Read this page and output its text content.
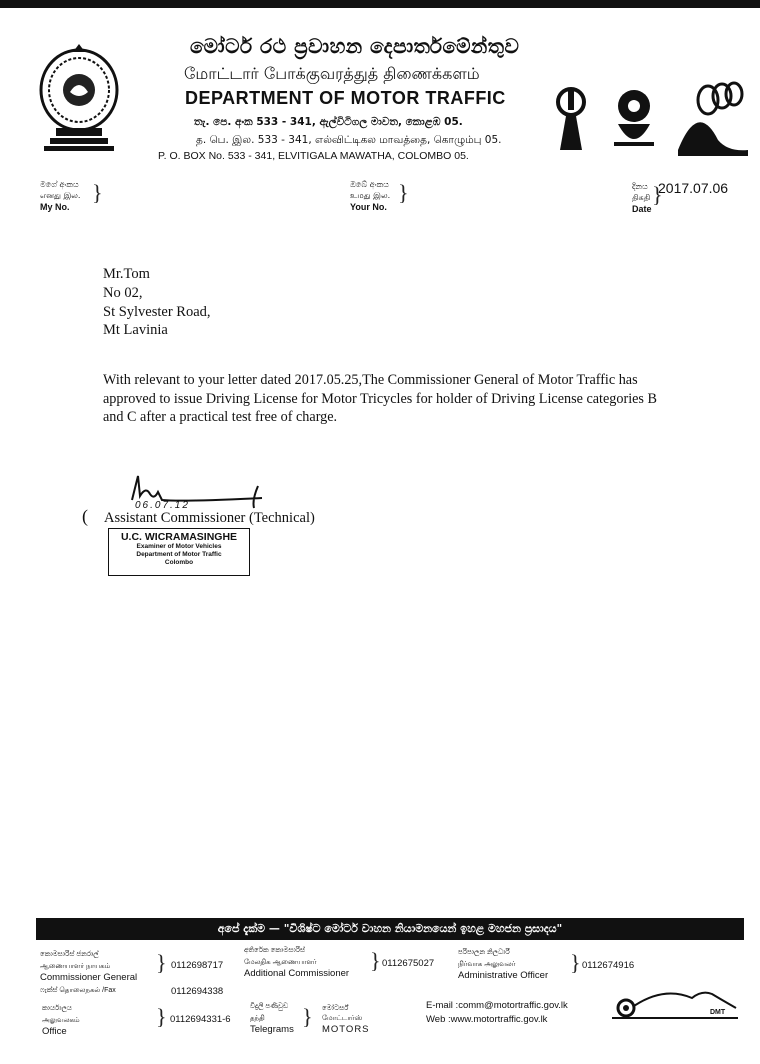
මෝටර් රථ ප්‍රවාහන දෙපාර්තමේන්තුව
மோட்டார் போக்குவரத்துத் திணைக்களம்
DEPARTMENT OF MOTOR TRAFFIC
තැ. පෙ. අංක 533 - 341, ඇල්විටිගල මාවත, කොළඹ 05.
த. பெ. இல. 533 - 341, எல்விட்டிகல மாவத்தை, கொழும்பு 05.
P. O. BOX No. 533 - 341, ELVITIGALA MAWATHA, COLOMBO 05.
මගේ අංකය
எனது இல.
My No.
}	ඔබේ අංකය
உமது இல.
Your No.
}	දිනය
திகதி
Date
}
2017.07.06
Mr.Tom
No 02,
St Sylvester Road,
Mt Lavinia
With relevant to your letter dated 2017.05.25,The Commissioner General of Motor Traffic has
approved to issue Driving License for Motor Tricycles for holder of Driving License categories B
and C after a practical test free of charge.
06.07.12
( Assistant Commissioner (Technical)
U.C. WICRAMASINGHE
Examiner of Motor Vehicles
Department of Motor Traffic
Colombo
අපේ දැක්ම — "විශිෂ්ට මෝටර් වාහන නියාමනයෙන් ඉහළ මහජන ප්‍රසාදය"
කොමසාරිස් ජනරාල්
ஆணையாளர் நாயகம்
Commissioner General
ෆැක්ස් தொலைநகல் /Fax
} 0112698717
0112694338
අතිරේක කොමසාරිස්
மேலதிக ஆணையாளர்
Additional Commissioner
} 0112675027
පරිපාලන නිලධාරී
நிர்வாக அலுவலர்
Administrative Officer
} 0112674916
කාර්යාලය
அலுவலகம்
Office
} 0112694331-6
විදුලි පණිවුඩ
தந்தி
Telegrams
} මෝටර්ස්
மோட்டார்ஸ்
MOTORS
E-mail :comm@motortraffic.gov.lk
Web :www.motortraffic.gov.lk
DMT
